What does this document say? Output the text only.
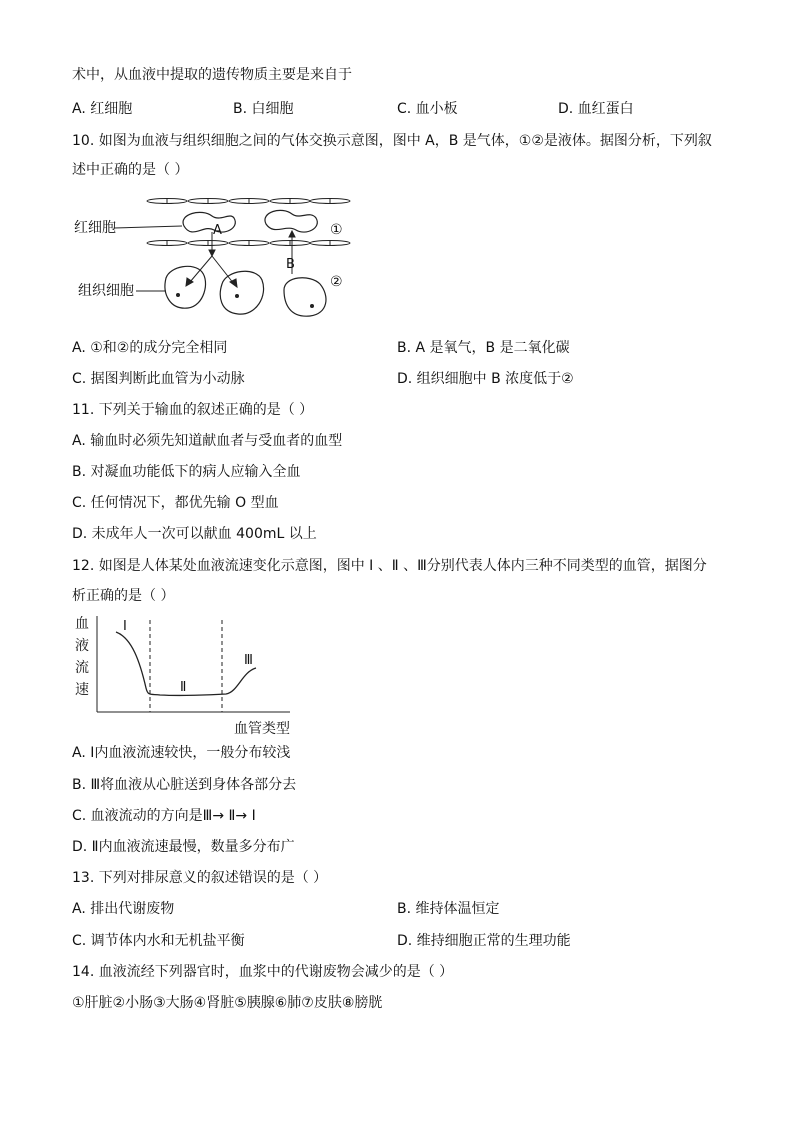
术中，从血液中提取的遗传物质主要是来自于
A. 红细胞	B. 白细胞	C. 血小板	D. 血红蛋白
10. 如图为血液与组织细胞之间的气体交换示意图，图中 A，B 是气体，①②是液体。据图分析，下列叙
述中正确的是（ ）
红细胞
组织细胞
A
B
①
②
A. ①和②的成分完全相同	B. A 是氧气，B 是二氧化碳
C. 据图判断此血管为小动脉	D. 组织细胞中 B 浓度低于②
11. 下列关于输血的叙述正确的是（ ）
A. 输血时必须先知道献血者与受血者的血型
B. 对凝血功能低下的病人应输入全血
C. 任何情况下，都优先输 O 型血
D. 未成年人一次可以献血 400mL 以上
12. 如图是人体某处血液流速变化示意图，图中 Ⅰ 、Ⅱ 、Ⅲ分别代表人体内三种不同类型的血管，据图分
析正确的是（ ）
血
液
流
速
血管类型
Ⅰ
Ⅱ
Ⅲ
A. Ⅰ内血液流速较快，一般分布较浅
B. Ⅲ将血液从心脏送到身体各部分去
C. 血液流动的方向是Ⅲ→ Ⅱ→ Ⅰ
D. Ⅱ内血液流速最慢，数量多分布广
13. 下列对排尿意义的叙述错误的是（ ）
A. 排出代谢废物	B. 维持体温恒定
C. 调节体内水和无机盐平衡	D. 维持细胞正常的生理功能
14. 血液流经下列器官时，血浆中的代谢废物会减少的是（ ）
①肝脏②小肠③大肠④肾脏⑤胰腺⑥肺⑦皮肤⑧膀胱
